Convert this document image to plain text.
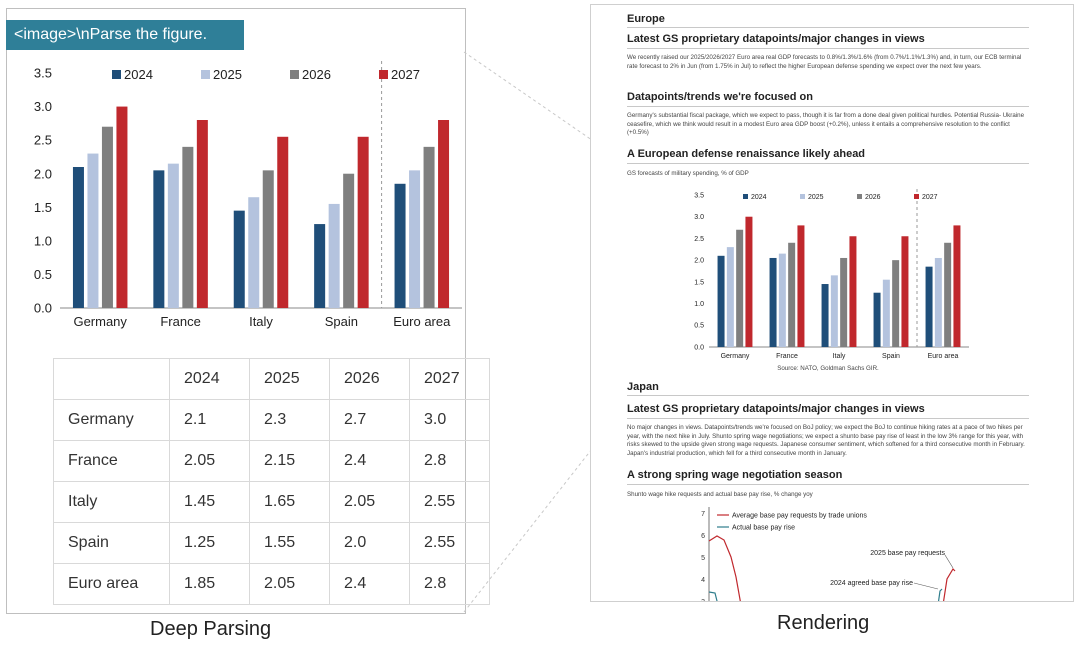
<image>\nParse the figure.
0.0
0.5
1.0
1.5
2.0
2.5
3.0
3.5
Germany	France	Italy	Spain	Euro area
2024	2025	2026	2027
	2024	2025	2026	2027
Germany	2.1	2.3	2.7	3.0
France	2.05	2.15	2.4	2.8
Italy	1.45	1.65	2.05	2.55
Spain	1.25	1.55	2.0	2.55
Euro area	1.85	2.05	2.4	2.8
Deep Parsing	Rendering
Europe
Latest GS proprietary datapoints/major changes in views
We recently raised our 2025/2026/2027 Euro area real GDP forecasts to 0.8%/1.3%/1.6% (from 0.7%/1.1%/1.3%) and, in turn, our ECB terminal rate forecast to 2% in Jun (from 1.75% in Jul) to reflect the higher European defense spending we expect over the next few years.
Datapoints/trends we're focused on
Germany's substantial fiscal package, which we expect to pass, though it is far from a done deal given political hurdles. Potential Russia- Ukraine ceasefire, which we think would result in a modest Euro area GDP boost (+0.2%), unless it entails a comprehensive resolution to the conflict (+0.5%)
A European defense renaissance likely ahead
GS forecasts of military spending, % of GDP
0.0
0.5
1.0
1.5
2.0
2.5
3.0
3.5
Germany	France	Italy	Spain	Euro area
2024	2025	2026	2027
Source: NATO, Goldman Sachs GIR.
Japan
Latest GS proprietary datapoints/major changes in views
No major changes in views. Datapoints/trends we're focused on BoJ policy; we expect the BoJ to continue hiking rates at a pace of two hikes per year, with the next hike in July. Shunto spring wage negotiations; we expect a shunto base pay rise of least in the low 3% range for this year, with risks skewed to the upside given strong wage requests. Japanese consumer sentiment, which softened for a third consecutive month in February. Japan's industrial production, which fell for a third consecutive month in January.
A strong spring wage negotiation season
Shunto wage hike requests and actual base pay rise, % change yoy
7
6
5
4
3
Average base pay requests by trade unions
Actual base pay rise
2025 base pay requests
2024 agreed base pay rise
